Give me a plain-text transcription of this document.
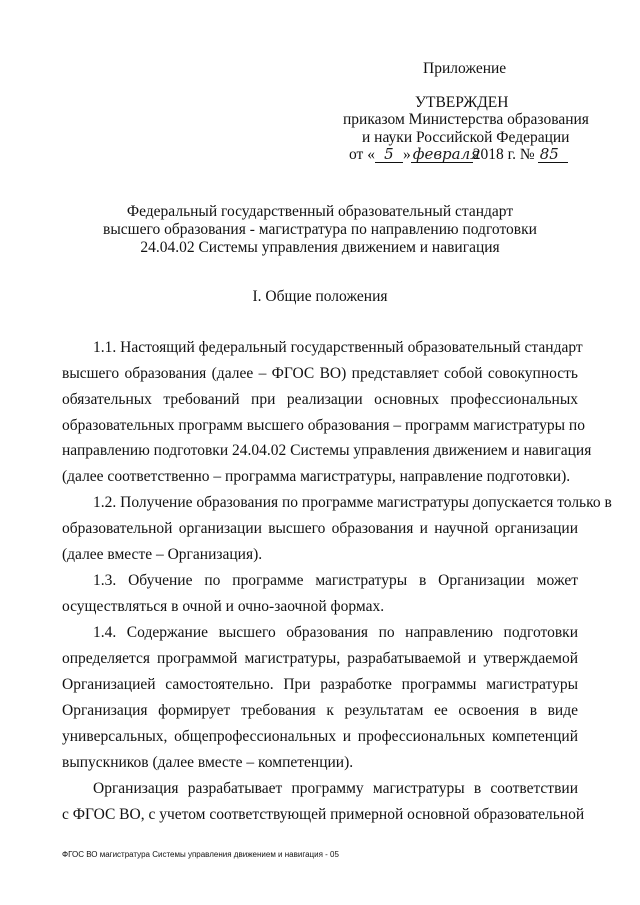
Приложение
УТВЕРЖДЕН
приказом Министерства образования
и науки Российской Федерации
от « 5 » февраля2018 г. № 85
Федеральный государственный образовательный стандарт
высшего образования - магистратура по направлению подготовки
24.04.02 Системы управления движением и навигация
I. Общие положения
1.1. Настоящий федеральный государственный образовательный стандарт
высшего образования (далее – ФГОС ВО) представляет собой совокупность
обязательных требований при реализации основных профессиональных
образовательных программ высшего образования – программ магистратуры по
направлению подготовки 24.04.02 Системы управления движением и навигация
(далее соответственно – программа магистратуры, направление подготовки).
1.2. Получение образования по программе магистратуры допускается только в
образовательной организации высшего образования и научной организации
(далее вместе – Организация).
1.3. Обучение по программе магистратуры в Организации может
осуществляться в очной и очно-заочной формах.
1.4. Содержание высшего образования по направлению подготовки
определяется программой магистратуры, разрабатываемой и утверждаемой
Организацией самостоятельно. При разработке программы магистратуры
Организация формирует требования к результатам ее освоения в виде
универсальных, общепрофессиональных и профессиональных компетенций
выпускников (далее вместе – компетенции).
Организация разрабатывает программу магистратуры в соответствии
с ФГОС ВО, с учетом соответствующей примерной основной образовательной
ФГОС ВО магистратура Системы управления движением и навигация - 05
